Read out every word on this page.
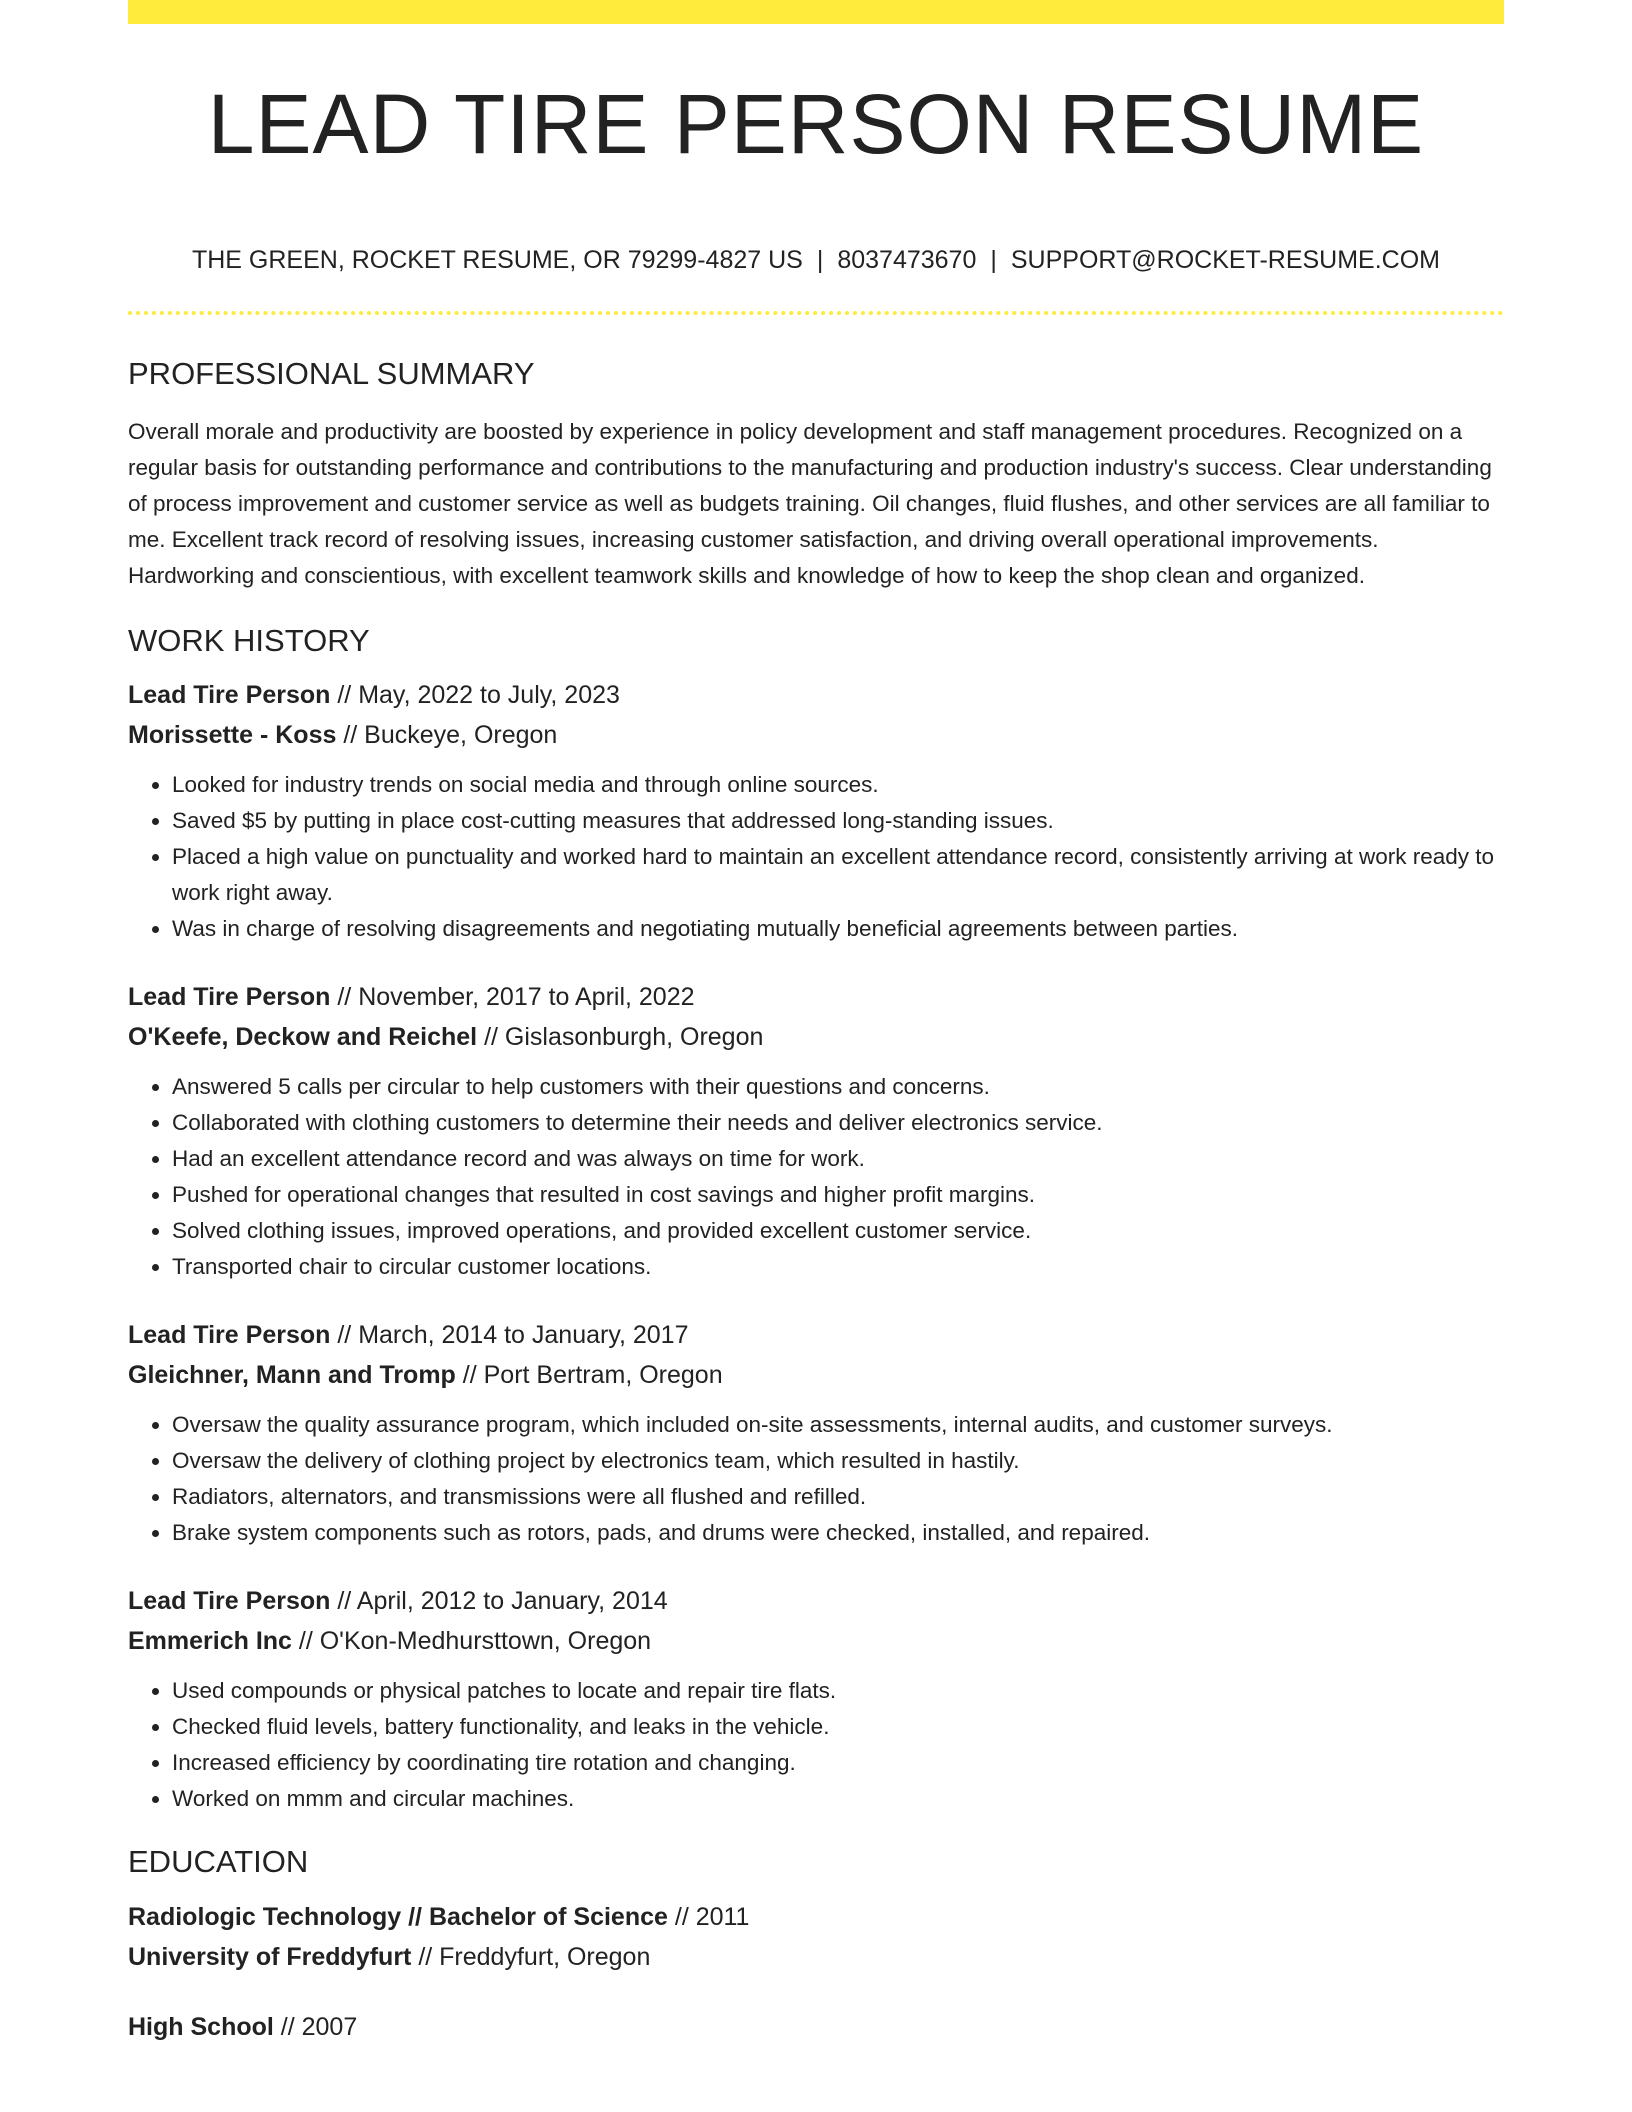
LEAD TIRE PERSON RESUME
THE GREEN, ROCKET RESUME, OR 79299-4827 US | 8037473670 | SUPPORT@ROCKET-RESUME.COM
PROFESSIONAL SUMMARY
Overall morale and productivity are boosted by experience in policy development and staff management procedures. Recognized on a regular basis for outstanding performance and contributions to the manufacturing and production industry's success. Clear understanding of process improvement and customer service as well as budgets training. Oil changes, fluid flushes, and other services are all familiar to me. Excellent track record of resolving issues, increasing customer satisfaction, and driving overall operational improvements. Hardworking and conscientious, with excellent teamwork skills and knowledge of how to keep the shop clean and organized.
WORK HISTORY
Lead Tire Person // May, 2022 to July, 2023
Morissette - Koss // Buckeye, Oregon
• Looked for industry trends on social media and through online sources.
• Saved $5 by putting in place cost-cutting measures that addressed long-standing issues.
• Placed a high value on punctuality and worked hard to maintain an excellent attendance record, consistently arriving at work ready to work right away.
• Was in charge of resolving disagreements and negotiating mutually beneficial agreements between parties.
Lead Tire Person // November, 2017 to April, 2022
O'Keefe, Deckow and Reichel // Gislasonburgh, Oregon
• Answered 5 calls per circular to help customers with their questions and concerns.
• Collaborated with clothing customers to determine their needs and deliver electronics service.
• Had an excellent attendance record and was always on time for work.
• Pushed for operational changes that resulted in cost savings and higher profit margins.
• Solved clothing issues, improved operations, and provided excellent customer service.
• Transported chair to circular customer locations.
Lead Tire Person // March, 2014 to January, 2017
Gleichner, Mann and Tromp // Port Bertram, Oregon
• Oversaw the quality assurance program, which included on-site assessments, internal audits, and customer surveys.
• Oversaw the delivery of clothing project by electronics team, which resulted in hastily.
• Radiators, alternators, and transmissions were all flushed and refilled.
• Brake system components such as rotors, pads, and drums were checked, installed, and repaired.
Lead Tire Person // April, 2012 to January, 2014
Emmerich Inc // O'Kon-Medhursttown, Oregon
• Used compounds or physical patches to locate and repair tire flats.
• Checked fluid levels, battery functionality, and leaks in the vehicle.
• Increased efficiency by coordinating tire rotation and changing.
• Worked on mmm and circular machines.
EDUCATION
Radiologic Technology // Bachelor of Science // 2011
University of Freddyfurt // Freddyfurt, Oregon
High School // 2007
